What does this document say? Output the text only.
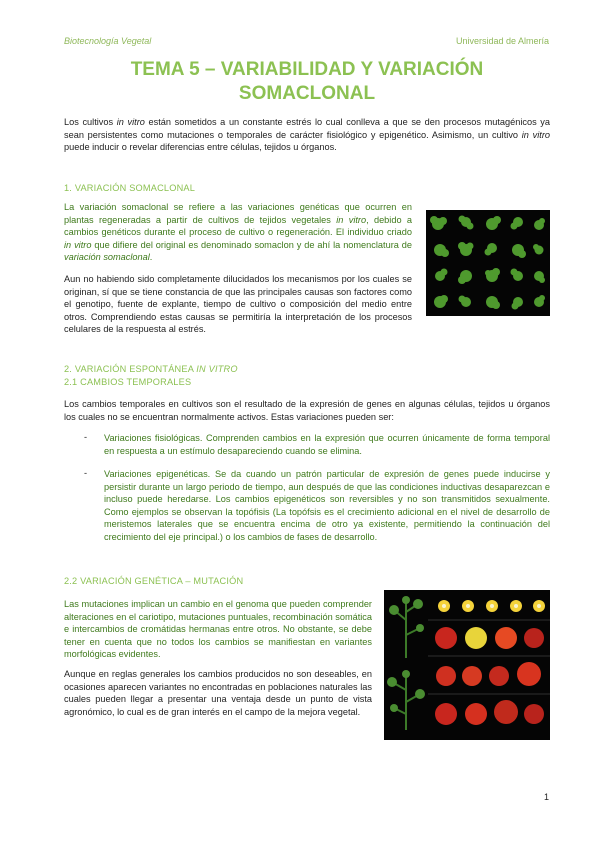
Biotecnología Vegetal	Universidad de Almería
TEMA 5 – VARIABILIDAD Y VARIACIÓN
SOMACLONAL
Los cultivos in vitro están sometidos a un constante estrés lo cual conlleva a que se den procesos mutagénicos ya sean persistentes como mutaciones o temporales de carácter fisiológico y epigenético. Asimismo, un cultivo in vitro puede inducir o revelar diferencias entre células, tejidos u órganos.
1. VARIACIÓN SOMACLONAL
La variación somaclonal se refiere a las variaciones genéticas que ocurren en plantas regeneradas a partir de cultivos de tejidos vegetales in vitro, debido a cambios genéticos durante el proceso de cultivo o regeneración. El individuo criado in vitro que difiere del original es denominado somaclon y de ahí la nomenclatura de variación somaclonal.
Aun no habiendo sido completamente dilucidados los mecanismos por los cuales se originan, sí que se tiene constancia de que las principales causas son factores como el genotipo, fuente de explante, tiempo de cultivo o composición del medio entre otros. Comprendiendo estas causas se permitiría la interpretación de los procesos celulares de la respuesta al estrés.
2. VARIACIÓN ESPONTÁNEA IN VITRO
2.1 CAMBIOS TEMPORALES
Los cambios temporales en cultivos son el resultado de la expresión de genes en algunas células, tejidos u órganos los cuales no se encuentran normalmente activos. Estas variaciones pueden ser:
- Variaciones fisiológicas. Comprenden cambios en la expresión que ocurren únicamente de forma temporal en respuesta a un estímulo desapareciendo cuando se elimina.
- Variaciones epigenéticas. Se da cuando un patrón particular de expresión de genes puede inducirse y persistir durante un largo periodo de tiempo, aun después de que las condiciones inductivas desaparezcan e incluso puede heredarse. Los cambios epigenéticos son reversibles y no son transmitidos sexualmente. Como ejemplos se observan la topófisis (La topófsis es el crecimiento adicional en el nivel de desarrollo de meristemos laterales que se encuentra encima de otro ya existente, permitiendo la continuación del crecimiento del eje principal.) o los cambios de fases de desarrollo.
2.2 VARIACIÓN GENÉTICA – MUTACIÓN
Las mutaciones implican un cambio en el genoma que pueden comprender alteraciones en el cariotipo, mutaciones puntuales, recombinación somática e intercambios de cromátidas hermanas entre otros. No obstante, se debe tener en cuenta que no todos los cambios se manifiestan en variantes morfológicas evidentes.
Aunque en reglas generales los cambios producidos no son deseables, en ocasiones aparecen variantes no encontradas en poblaciones naturales las cuales pueden llegar a presentar una ventaja desde un punto de vista agronómico, lo cual es de gran interés en el campo de la mejora vegetal.
1
